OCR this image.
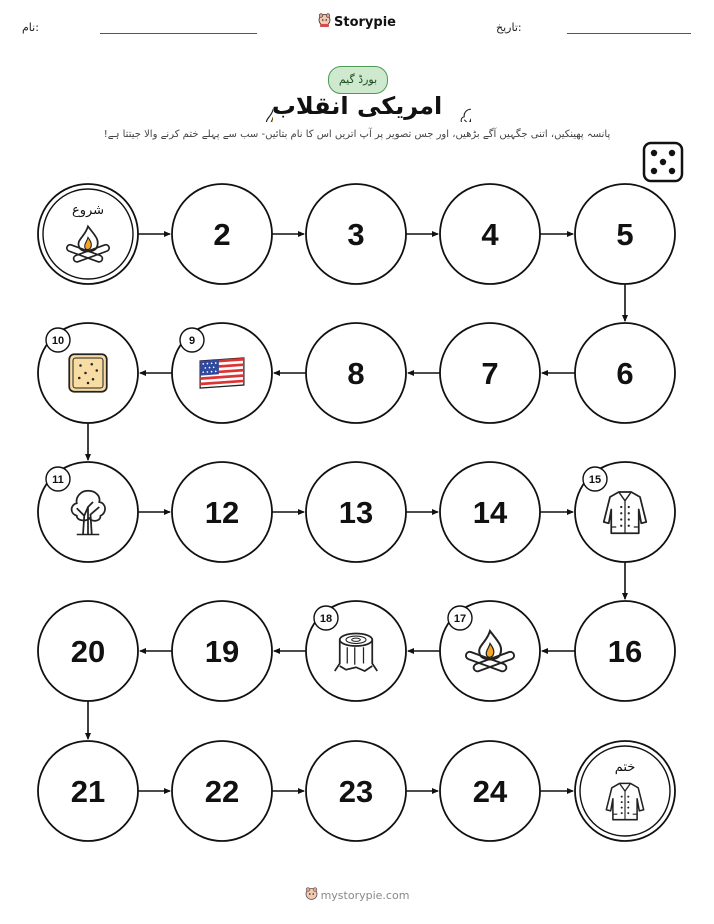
نام:	تاریخ:
Storypie
بورڈ گیم
امریکی انقلاب
پانسہ پھینکیں، اتنی جگہیں آگے بڑھیں، اور جس تصویر پر آپ اتریں اس کا نام بتائیں- سب سے پہلے ختم کرنے والا جیتتا ہے!
شروع
2	3	4	5
6
7
8
9
10
11
12	13	14
15
16
17
18
19
20
21	22	23	24
ختم
mystorypie.com
